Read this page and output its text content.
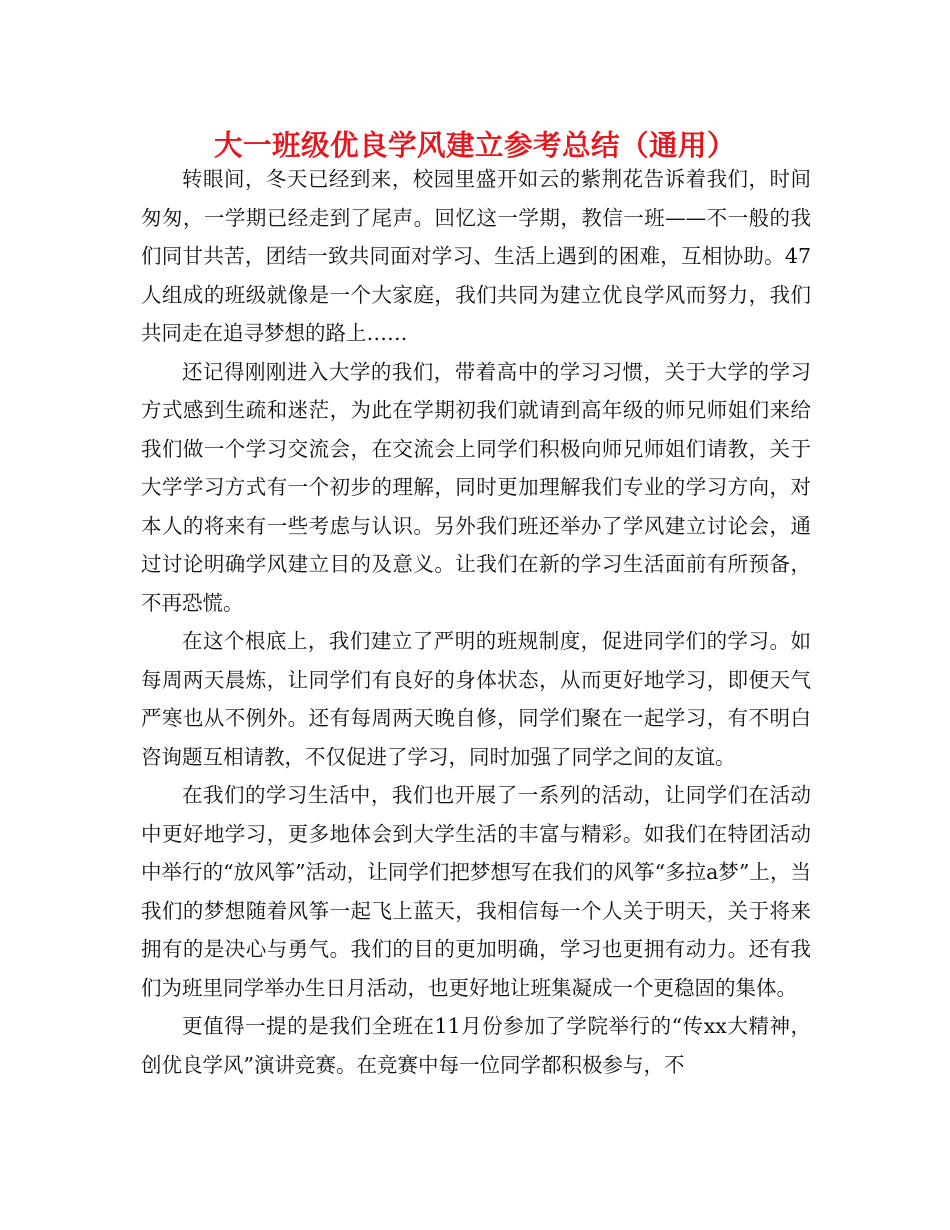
大一班级优良学风建立参考总结（通用）

转眼间，冬天已经到来，校园里盛开如云的紫荆花告诉着我们，时间匆匆，一学期已经走到了尾声。回忆这一学期，教信一班——不一般的我们同甘共苦，团结一致共同面对学习、生活上遇到的困难，互相协助。47人组成的班级就像是一个大家庭，我们共同为建立优良学风而努力，我们共同走在追寻梦想的路上……

还记得刚刚进入大学的我们，带着高中的学习习惯，关于大学的学习方式感到生疏和迷茫，为此在学期初我们就请到高年级的师兄师姐们来给我们做一个学习交流会，在交流会上同学们积极向师兄师姐们请教，关于大学学习方式有一个初步的理解，同时更加理解我们专业的学习方向，对本人的将来有一些考虑与认识。另外我们班还举办了学风建立讨论会，通过讨论明确学风建立目的及意义。让我们在新的学习生活面前有所预备，不再恐慌。

在这个根底上，我们建立了严明的班规制度，促进同学们的学习。如每周两天晨炼，让同学们有良好的身体状态，从而更好地学习，即便天气严寒也从不例外。还有每周两天晚自修，同学们聚在一起学习，有不明白咨询题互相请教，不仅促进了学习，同时加强了同学之间的友谊。

在我们的学习生活中，我们也开展了一系列的活动，让同学们在活动中更好地学习，更多地体会到大学生活的丰富与精彩。如我们在特团活动中举行的“放风筝”活动，让同学们把梦想写在我们的风筝“多拉a梦”上，当我们的梦想随着风筝一起飞上蓝天，我相信每一个人关于明天，关于将来拥有的是决心与勇气。我们的目的更加明确，学习也更拥有动力。还有我们为班里同学举办生日月活动，也更好地让班集凝成一个更稳固的集体。

更值得一提的是我们全班在11月份参加了学院举行的“传xx大精神，创优良学风”演讲竞赛。在竞赛中每一位同学都积极参与，不
